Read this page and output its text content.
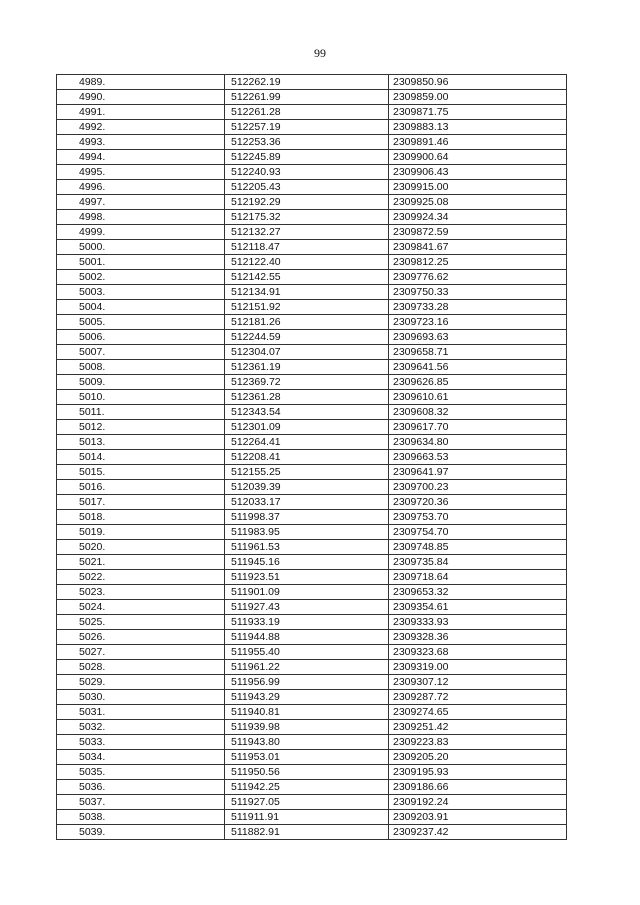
99
4989.	512262.19	2309850.96
4990.	512261.99	2309859.00
4991.	512261.28	2309871.75
4992.	512257.19	2309883.13
4993.	512253.36	2309891.46
4994.	512245.89	2309900.64
4995.	512240.93	2309906.43
4996.	512205.43	2309915.00
4997.	512192.29	2309925.08
4998.	512175.32	2309924.34
4999.	512132.27	2309872.59
5000.	512118.47	2309841.67
5001.	512122.40	2309812.25
5002.	512142.55	2309776.62
5003.	512134.91	2309750.33
5004.	512151.92	2309733.28
5005.	512181.26	2309723.16
5006.	512244.59	2309693.63
5007.	512304.07	2309658.71
5008.	512361.19	2309641.56
5009.	512369.72	2309626.85
5010.	512361.28	2309610.61
5011.	512343.54	2309608.32
5012.	512301.09	2309617.70
5013.	512264.41	2309634.80
5014.	512208.41	2309663.53
5015.	512155.25	2309641.97
5016.	512039.39	2309700.23
5017.	512033.17	2309720.36
5018.	511998.37	2309753.70
5019.	511983.95	2309754.70
5020.	511961.53	2309748.85
5021.	511945.16	2309735.84
5022.	511923.51	2309718.64
5023.	511901.09	2309653.32
5024.	511927.43	2309354.61
5025.	511933.19	2309333.93
5026.	511944.88	2309328.36
5027.	511955.40	2309323.68
5028.	511961.22	2309319.00
5029.	511956.99	2309307.12
5030.	511943.29	2309287.72
5031.	511940.81	2309274.65
5032.	511939.98	2309251.42
5033.	511943.80	2309223.83
5034.	511953.01	2309205.20
5035.	511950.56	2309195.93
5036.	511942.25	2309186.66
5037.	511927.05	2309192.24
5038.	511911.91	2309203.91
5039.	511882.91	2309237.42
